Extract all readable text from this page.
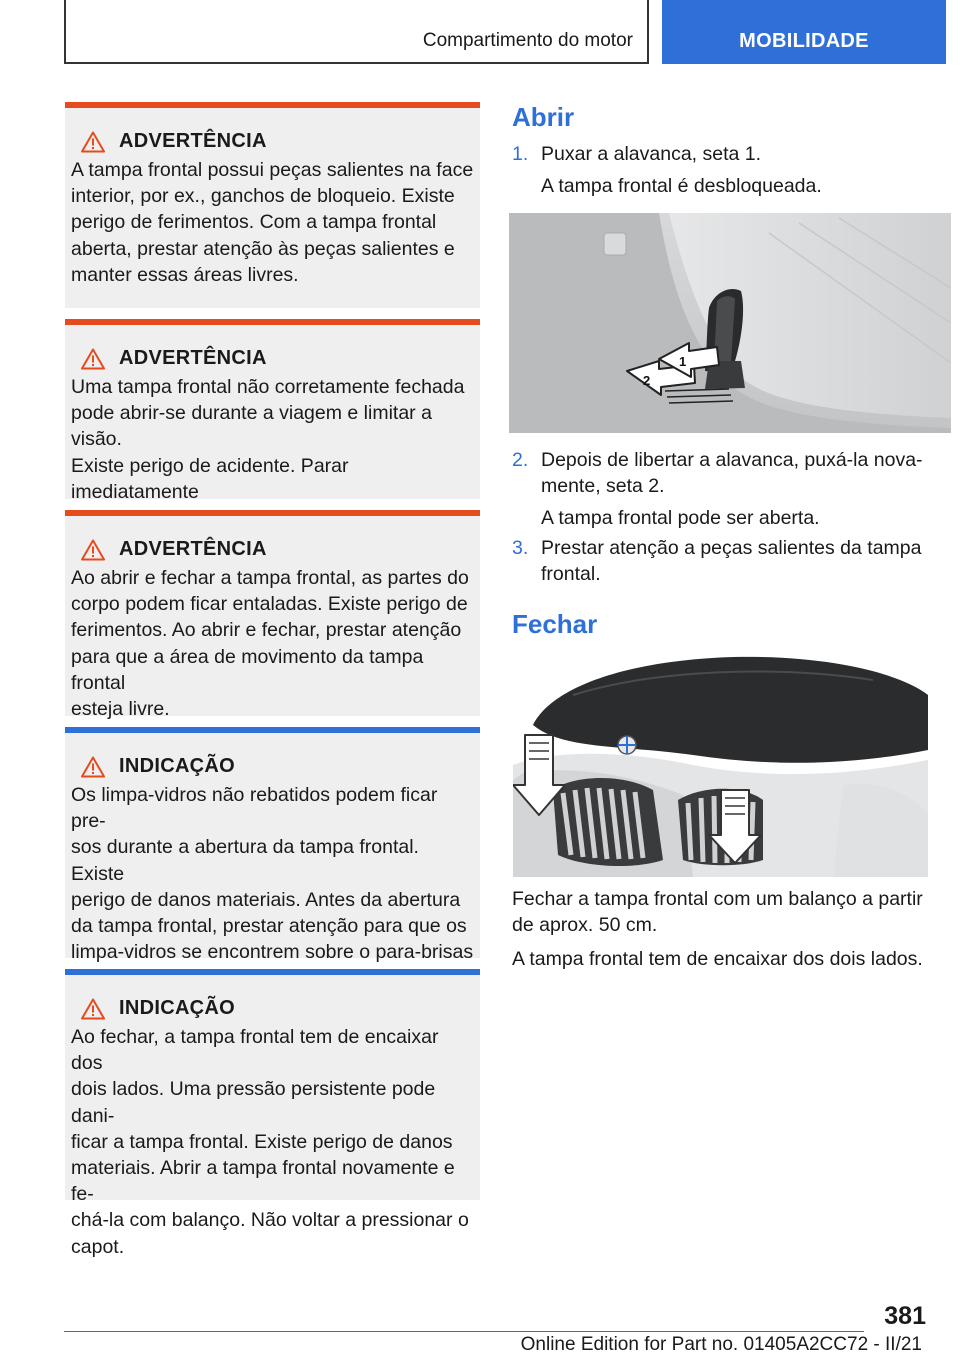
Compartimento do motor	MOBILIDADE
ADVERTÊNCIA
A tampa frontal possui peças salientes na face
interior, por ex., ganchos de bloqueio. Existe
perigo de ferimentos. Com a tampa frontal
aberta, prestar atenção às peças salientes e
manter essas áreas livres.
ADVERTÊNCIA
Uma tampa frontal não corretamente fechada
pode abrir-se durante a viagem e limitar a visão.
Existe perigo de acidente. Parar imediatamente
ADVERTÊNCIA
Ao abrir e fechar a tampa frontal, as partes do
corpo podem ficar entaladas. Existe perigo de
ferimentos. Ao abrir e fechar, prestar atenção
para que a área de movimento da tampa frontal
esteja livre.
INDICAÇÃO
Os limpa-vidros não rebatidos podem ficar pre‐
sos durante a abertura da tampa frontal. Existe
perigo de danos materiais. Antes da abertura
da tampa frontal, prestar atenção para que os
limpa-vidros se encontrem sobre o para-brisas
INDICAÇÃO
Ao fechar, a tampa frontal tem de encaixar dos
dois lados. Uma pressão persistente pode dani‐
ficar a tampa frontal. Existe perigo de danos
materiais. Abrir a tampa frontal novamente e fe‐
chá-la com balanço. Não voltar a pressionar o
capot.
Abrir
1. Puxar a alavanca, seta 1.
A tampa frontal é desbloqueada.
2
1
2. Depois de libertar a alavanca, puxá-la nova‐
mente, seta 2.
A tampa frontal pode ser aberta.
3. Prestar atenção a peças salientes da tampa
frontal.
Fechar
Fechar a tampa frontal com um balanço a partir
de aprox. 50 cm.
A tampa frontal tem de encaixar dos dois lados.
381
Online Edition for Part no. 01405A2CC72 - II/21
